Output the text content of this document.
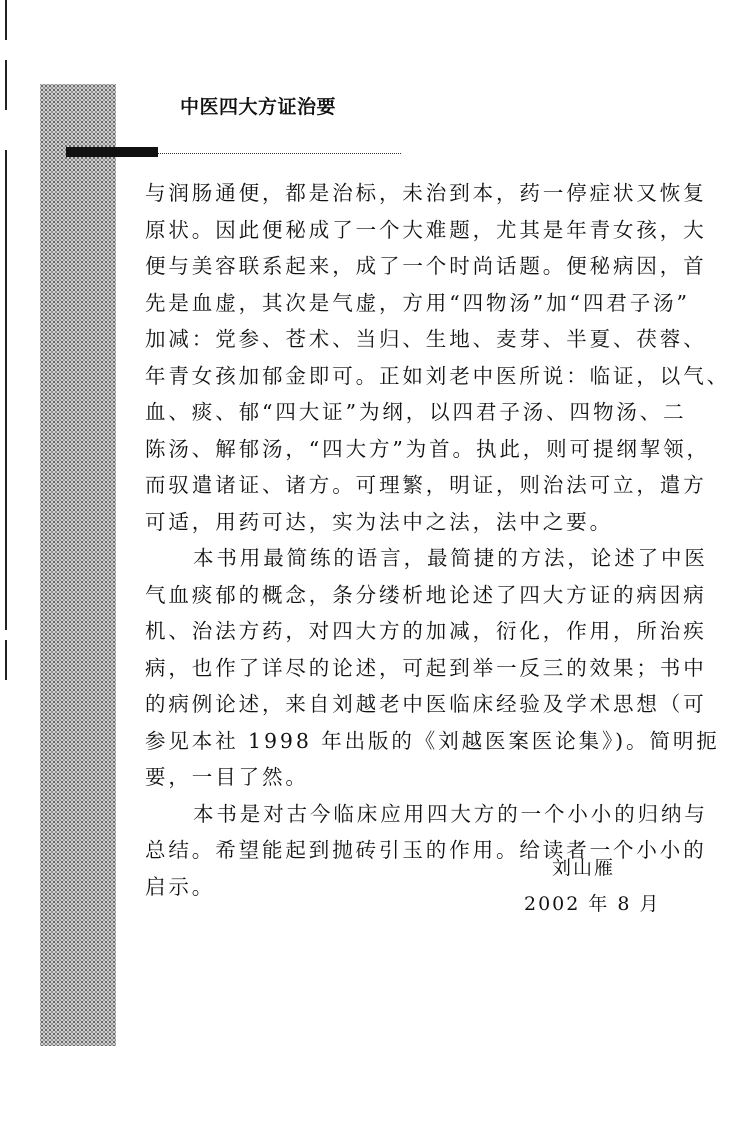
中医四大方证治要
与润肠通便，都是治标，未治到本，药一停症状又恢复
原状。因此便秘成了一个大难题，尤其是年青女孩，大
便与美容联系起来，成了一个时尚话题。便秘病因，首
先是血虚，其次是气虚，方用“四物汤”加“四君子汤”
加减：党参、苍术、当归、生地、麦芽、半夏、茯蓉、
年青女孩加郁金即可。正如刘老中医所说：临证，以气、
血、痰、郁“四大证”为纲，以四君子汤、四物汤、二
陈汤、解郁汤，“四大方”为首。执此，则可提纲挈领，
而驭遣诸证、诸方。可理繁，明证，则治法可立，遣方
可适，用药可达，实为法中之法，法中之要。
本书用最简练的语言，最简捷的方法，论述了中医
气血痰郁的概念，条分缕析地论述了四大方证的病因病
机、治法方药，对四大方的加减，衍化，作用，所治疾
病，也作了详尽的论述，可起到举一反三的效果；书中
的病例论述，来自刘越老中医临床经验及学术思想（可
参见本社 1998 年出版的《刘越医案医论集》)。简明扼
要，一目了然。
本书是对古今临床应用四大方的一个小小的归纳与
总结。希望能起到抛砖引玉的作用。给读者一个小小的
启示。
刘山雁
2002 年 8 月
